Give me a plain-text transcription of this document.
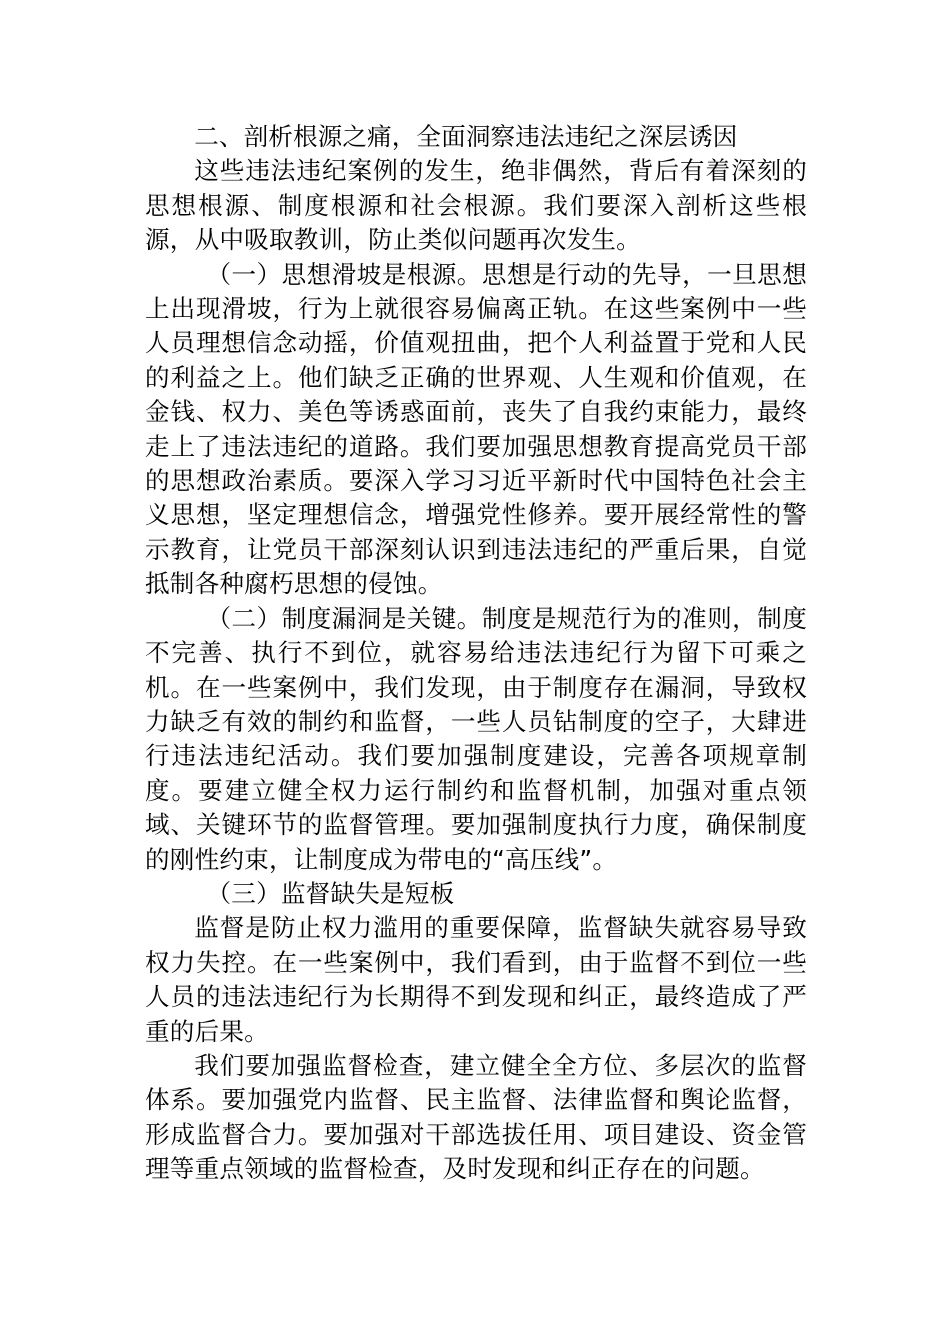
二、剖析根源之痛，全面洞察违法违纪之深层诱因

这些违法违纪案例的发生，绝非偶然，背后有着深刻的思想根源、制度根源和社会根源。我们要深入剖析这些根源，从中吸取教训，防止类似问题再次发生。

（一）思想滑坡是根源。思想是行动的先导，一旦思想上出现滑坡，行为上就很容易偏离正轨。在这些案例中一些人员理想信念动摇，价值观扭曲，把个人利益置于党和人民的利益之上。他们缺乏正确的世界观、人生观和价值观，在金钱、权力、美色等诱惑面前，丧失了自我约束能力，最终走上了违法违纪的道路。我们要加强思想教育提高党员干部的思想政治素质。要深入学习习近平新时代中国特色社会主义思想，坚定理想信念，增强党性修养。要开展经常性的警示教育，让党员干部深刻认识到违法违纪的严重后果，自觉抵制各种腐朽思想的侵蚀。

（二）制度漏洞是关键。制度是规范行为的准则，制度不完善、执行不到位，就容易给违法违纪行为留下可乘之机。在一些案例中，我们发现，由于制度存在漏洞，导致权力缺乏有效的制约和监督，一些人员钻制度的空子，大肆进行违法违纪活动。我们要加强制度建设，完善各项规章制度。要建立健全权力运行制约和监督机制，加强对重点领域、关键环节的监督管理。要加强制度执行力度，确保制度的刚性约束，让制度成为带电的“高压线”。

（三）监督缺失是短板

监督是防止权力滥用的重要保障，监督缺失就容易导致权力失控。在一些案例中，我们看到，由于监督不到位一些人员的违法违纪行为长期得不到发现和纠正，最终造成了严重的后果。

我们要加强监督检查，建立健全全方位、多层次的监督体系。要加强党内监督、民主监督、法律监督和舆论监督，形成监督合力。要加强对干部选拔任用、项目建设、资金管理等重点领域的监督检查，及时发现和纠正存在的问题。
